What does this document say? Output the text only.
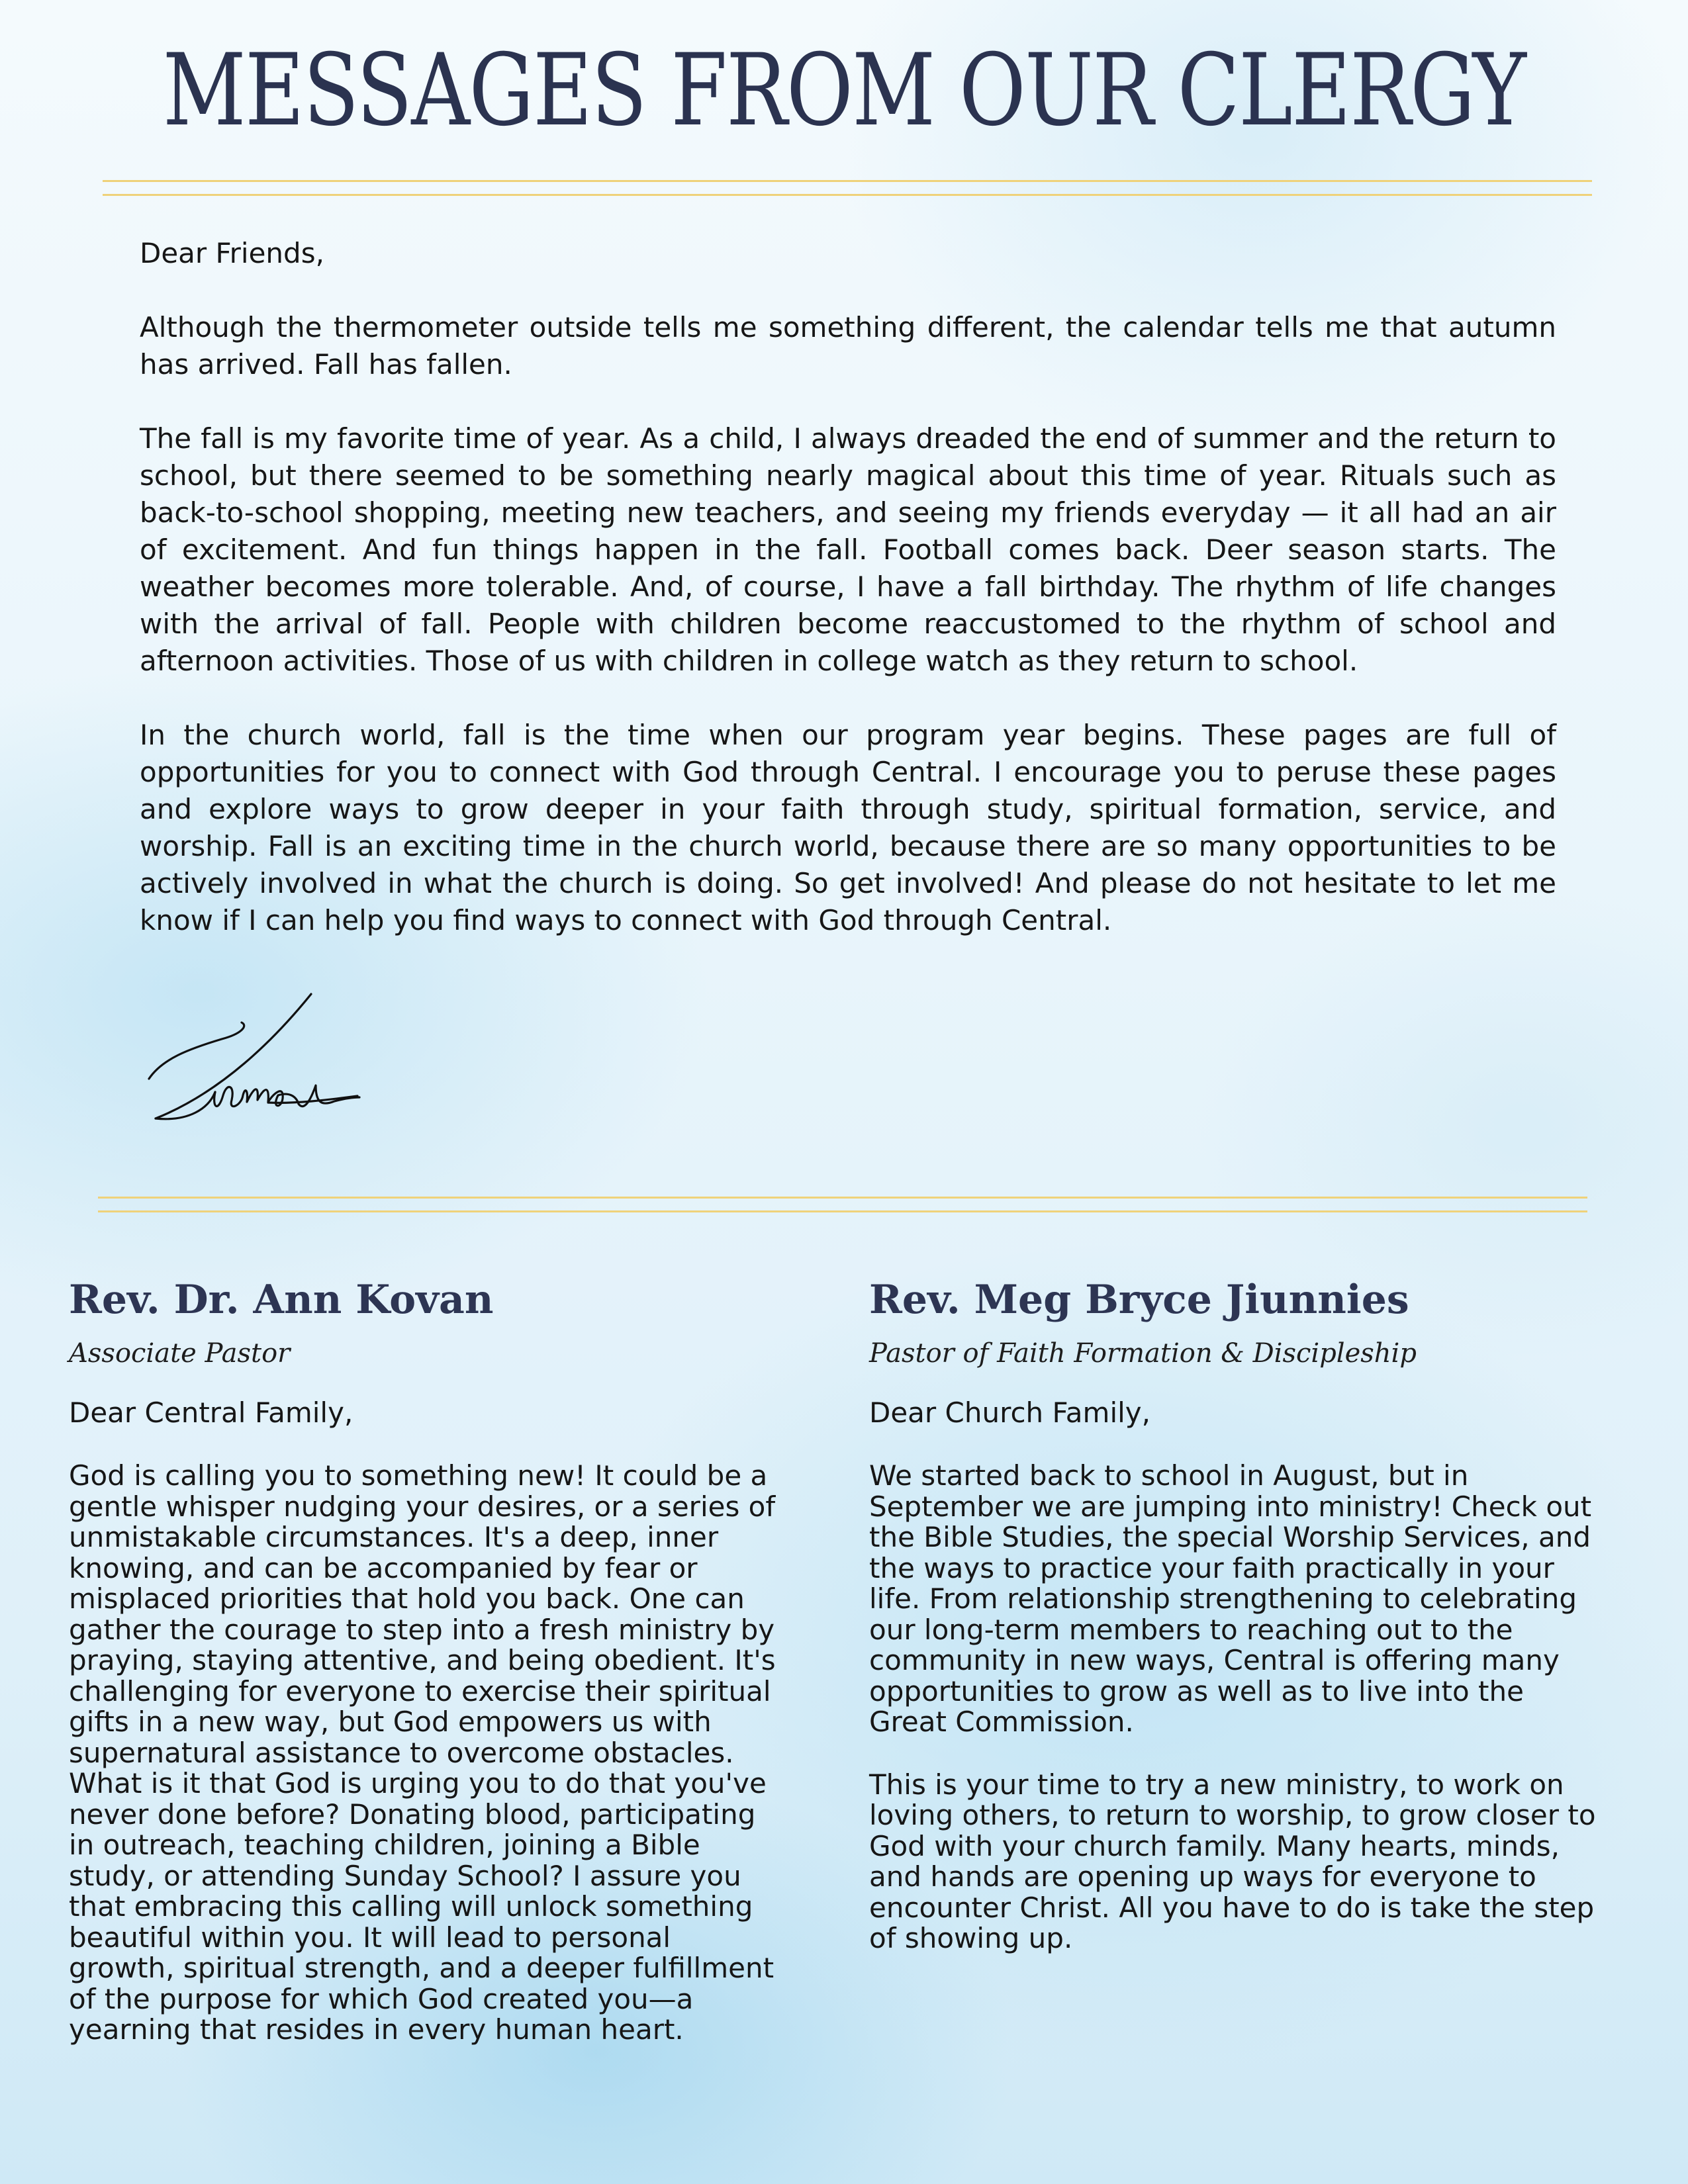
MESSAGES FROM OUR CLERGY

Dear Friends,

Although the thermometer outside tells me something different, the calendar tells me that autumn has arrived. Fall has fallen.

The fall is my favorite time of year. As a child, I always dreaded the end of summer and the return to school, but there seemed to be something nearly magical about this time of year. Rituals such as back-to-school shopping, meeting new teachers, and seeing my friends everyday — it all had an air of excitement. And fun things happen in the fall. Football comes back. Deer season starts. The weather becomes more tolerable. And, of course, I have a fall birthday. The rhythm of life changes with the arrival of fall. People with children become reaccustomed to the rhythm of school and afternoon activities. Those of us with children in college watch as they return to school.

In the church world, fall is the time when our program year begins. These pages are full of opportunities for you to connect with God through Central. I encourage you to peruse these pages and explore ways to grow deeper in your faith through study, spiritual formation, service, and worship. Fall is an exciting time in the church world, because there are so many opportunities to be actively involved in what the church is doing. So get involved! And please do not hesitate to let me know if I can help you find ways to connect with God through Central.

Rev. Dr. Ann Kovan

Associate Pastor

Dear Central Family,

God is calling you to something new! It could be a gentle whisper nudging your desires, or a series of unmistakable circumstances. It's a deep, inner knowing, and can be accompanied by fear or misplaced priorities that hold you back. One can gather the courage to step into a fresh ministry by praying, staying attentive, and being obedient. It's challenging for everyone to exercise their spiritual gifts in a new way, but God empowers us with supernatural assistance to overcome obstacles. What is it that God is urging you to do that you've never done before? Donating blood, participating in outreach, teaching children, joining a Bible study, or attending Sunday School? I assure you that embracing this calling will unlock something beautiful within you. It will lead to personal growth, spiritual strength, and a deeper fulfillment of the purpose for which God created you—a yearning that resides in every human heart.

Rev. Meg Bryce Jiunnies

Pastor of Faith Formation & Discipleship

Dear Church Family,

We started back to school in August, but in September we are jumping into ministry! Check out the Bible Studies, the special Worship Services, and the ways to practice your faith practically in your life. From relationship strengthening to celebrating our long-term members to reaching out to the community in new ways, Central is offering many opportunities to grow as well as to live into the Great Commission.

This is your time to try a new ministry, to work on loving others, to return to worship, to grow closer to God with your church family. Many hearts, minds, and hands are opening up ways for everyone to encounter Christ. All you have to do is take the step of showing up.
